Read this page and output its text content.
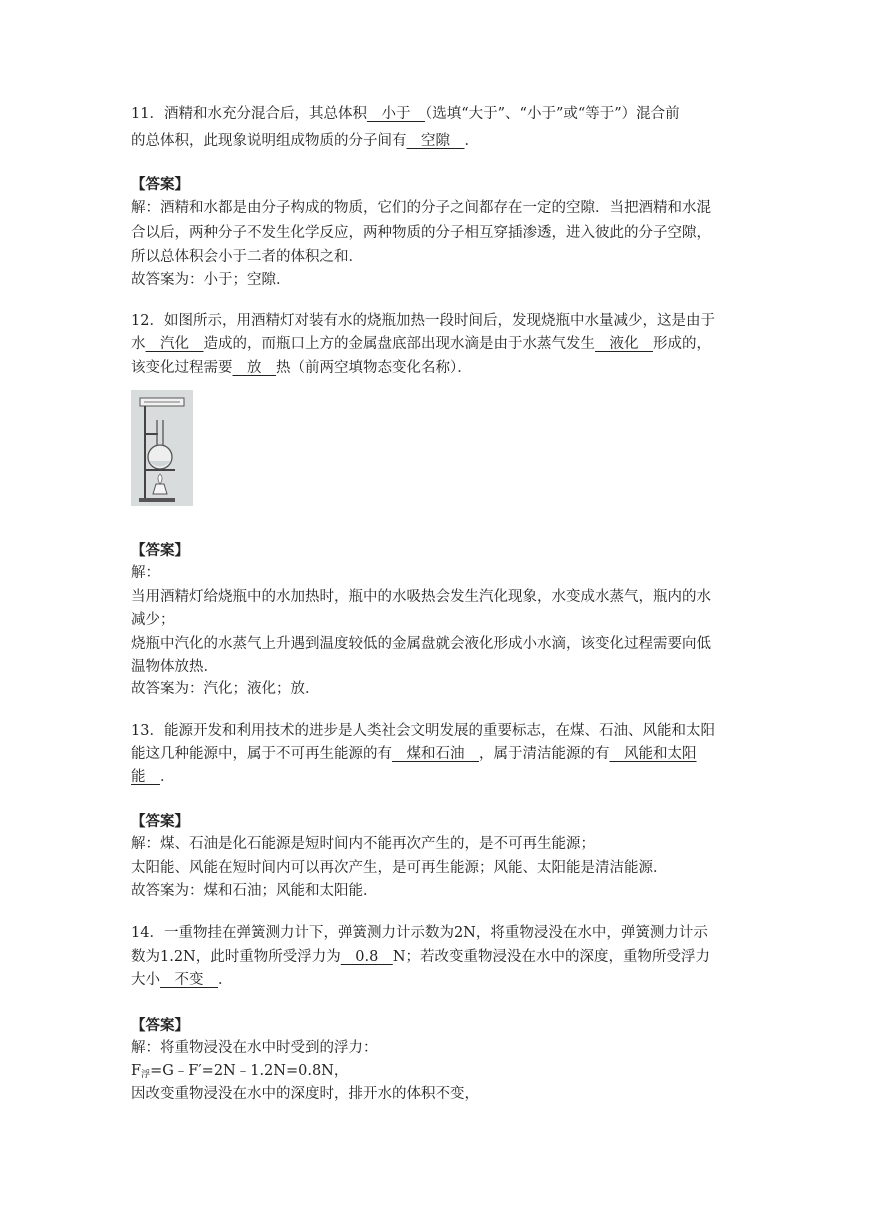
11．酒精和水充分混合后，其总体积　小于　（选填“大于”、“小于”或“等于”）混合前
的总体积，此现象说明组成物质的分子间有　空隙　．
【答案】
解：酒精和水都是由分子构成的物质，它们的分子之间都存在一定的空隙．当把酒精和水混
合以后，两种分子不发生化学反应，两种物质的分子相互穿插渗透，进入彼此的分子空隙，
所以总体积会小于二者的体积之和．
故答案为：小于；空隙．
12．如图所示，用酒精灯对装有水的烧瓶加热一段时间后，发现烧瓶中水量减少，这是由于
水　汽化　造成的，而瓶口上方的金属盘底部出现水滴是由于水蒸气发生　液化　形成的，
该变化过程需要　放　热（前两空填物态变化名称）．
【答案】
解：
当用酒精灯给烧瓶中的水加热时，瓶中的水吸热会发生汽化现象，水变成水蒸气，瓶内的水
减少；
烧瓶中汽化的水蒸气上升遇到温度较低的金属盘就会液化形成小水滴，该变化过程需要向低
温物体放热．
故答案为：汽化；液化；放．
13．能源开发和利用技术的进步是人类社会文明发展的重要标志，在煤、石油、风能和太阳
能这几种能源中，属于不可再生能源的有　煤和石油　，属于清洁能源的有　风能和太阳
能　．
【答案】
解：煤、石油是化石能源是短时间内不能再次产生的，是不可再生能源；
太阳能、风能在短时间内可以再次产生，是可再生能源；风能、太阳能是清洁能源．
故答案为：煤和石油；风能和太阳能．
14．一重物挂在弹簧测力计下，弹簧测力计示数为2N，将重物浸没在水中，弹簧测力计示
数为1.2N，此时重物所受浮力为　0.8　N；若改变重物浸没在水中的深度，重物所受浮力
大小　不变　．
【答案】
解：将重物浸没在水中时受到的浮力：
$F_浮=G﹣F'=2N﹣1.2N=0.8N$，
因改变重物浸没在水中的深度时，排开水的体积不变，
